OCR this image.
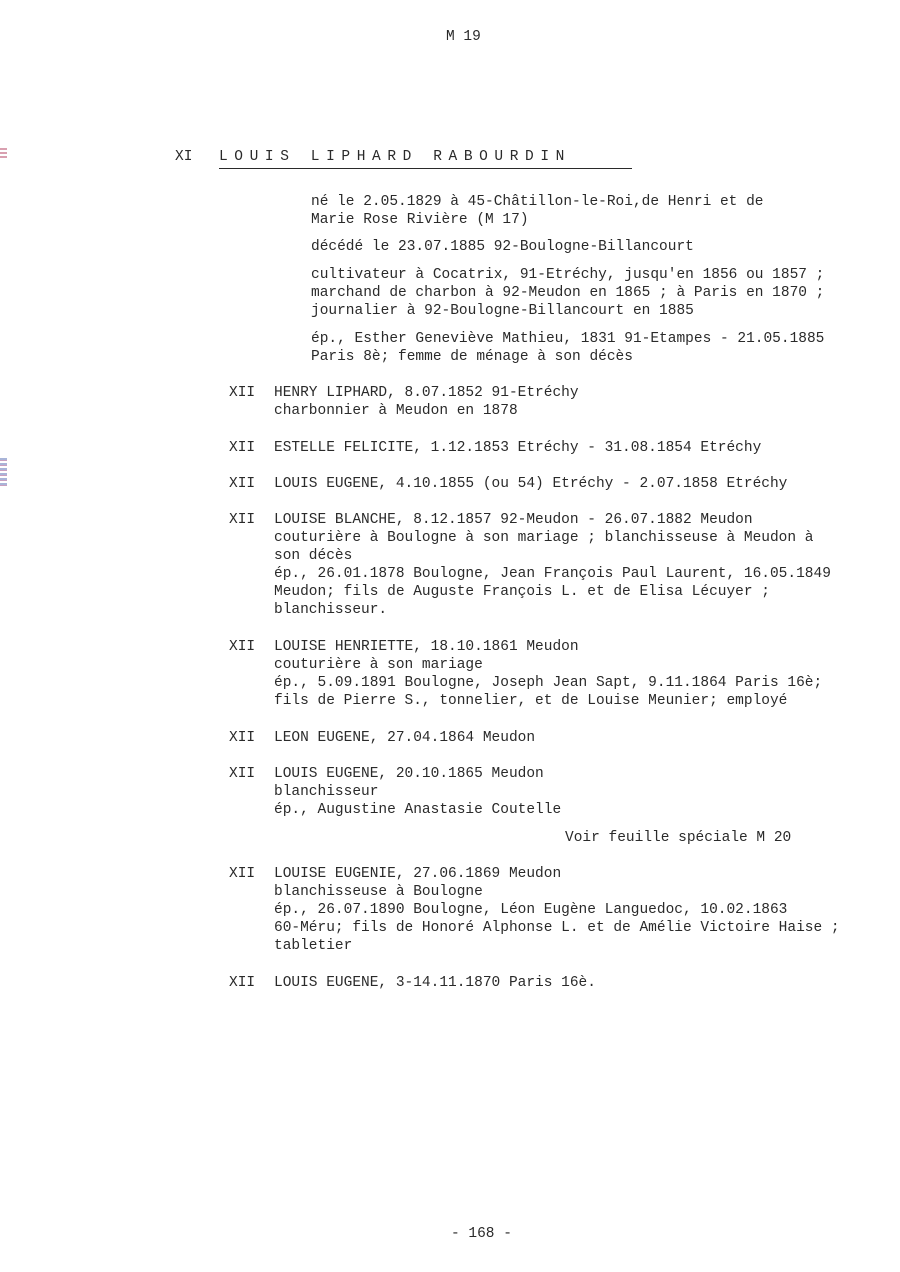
M 19
XI LOUIS LIPHARD RABOURDIN
né le 2.05.1829 à 45-Châtillon-le-Roi,de Henri et de
Marie Rose Rivière (M 17)
décédé le 23.07.1885 92-Boulogne-Billancourt
cultivateur à Cocatrix, 91-Etréchy, jusqu'en 1856 ou 1857 ;
marchand de charbon à 92-Meudon en 1865 ; à Paris en 1870 ;
journalier à 92-Boulogne-Billancourt en 1885
ép., Esther Geneviève Mathieu, 1831 91-Etampes - 21.05.1885
Paris 8è; femme de ménage à son décès
XII HENRY LIPHARD, 8.07.1852 91-Etréchy
charbonnier à Meudon en 1878
XII ESTELLE FELICITE, 1.12.1853 Etréchy - 31.08.1854 Etréchy
XII LOUIS EUGENE, 4.10.1855 (ou 54) Etréchy - 2.07.1858 Etréchy
XII LOUISE BLANCHE, 8.12.1857 92-Meudon - 26.07.1882 Meudon
couturière à Boulogne à son mariage ; blanchisseuse à Meudon à
son décès
ép., 26.01.1878 Boulogne, Jean François Paul Laurent, 16.05.1849
Meudon; fils de Auguste François L. et de Elisa Lécuyer ;
blanchisseur.
XII LOUISE HENRIETTE, 18.10.1861 Meudon
couturière à son mariage
ép., 5.09.1891 Boulogne, Joseph Jean Sapt, 9.11.1864 Paris 16è;
fils de Pierre S., tonnelier, et de Louise Meunier; employé
XII LEON EUGENE, 27.04.1864 Meudon
XII LOUIS EUGENE, 20.10.1865 Meudon
blanchisseur
ép., Augustine Anastasie Coutelle
Voir feuille spéciale M 20
XII LOUISE EUGENIE, 27.06.1869 Meudon
blanchisseuse à Boulogne
ép., 26.07.1890 Boulogne, Léon Eugène Languedoc, 10.02.1863
60-Méru; fils de Honoré Alphonse L. et de Amélie Victoire Haise ;
tabletier
XII LOUIS EUGENE, 3-14.11.1870 Paris 16è.
- 168 -
